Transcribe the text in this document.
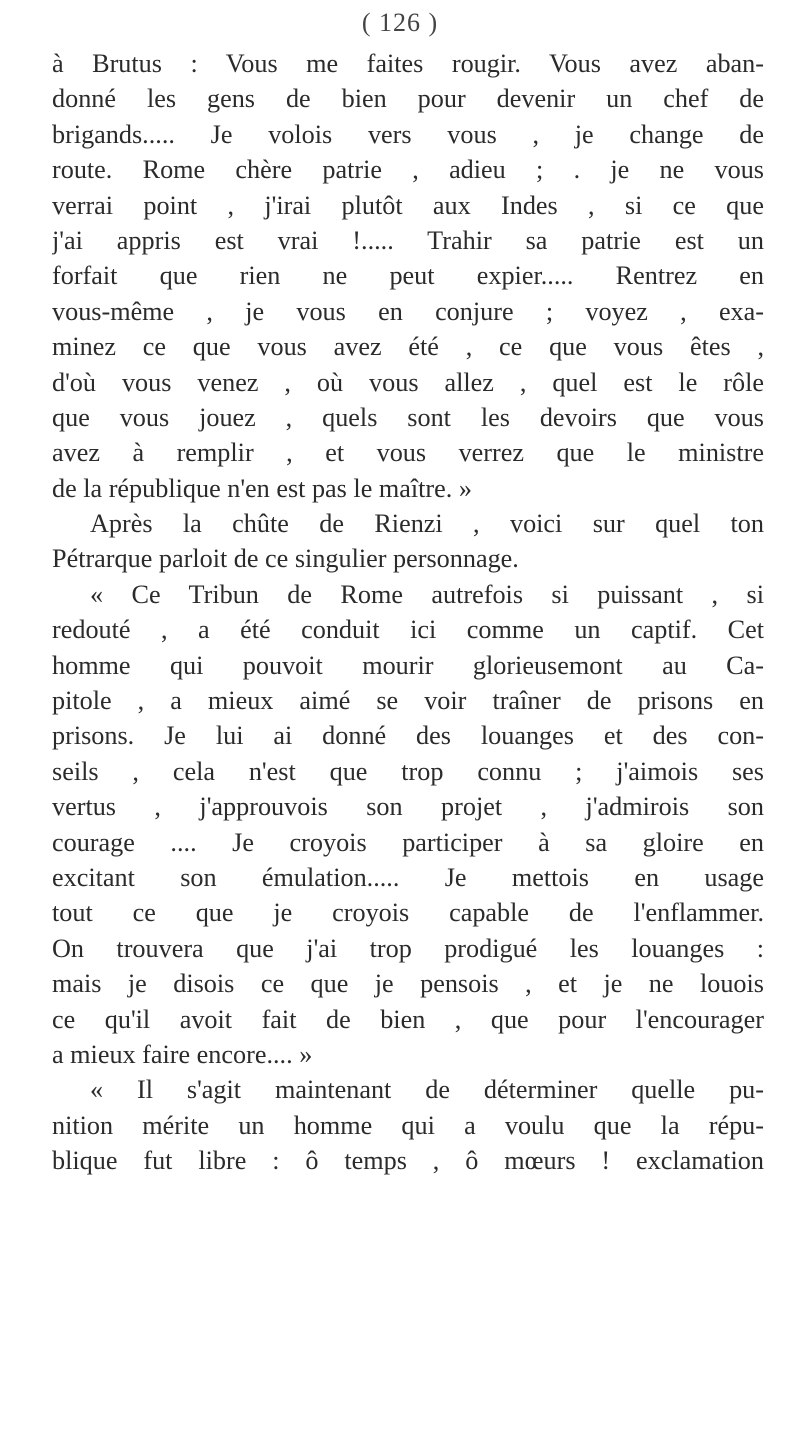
( 126 )
à Brutus : Vous me faites rougir. Vous avez aban-
donné les gens de bien pour devenir un chef de
brigands..... Je volois vers vous , je change de
route. Rome chère patrie , adieu ; . je ne vous
verrai point , j'irai plutôt aux Indes , si ce que
j'ai appris est vrai !..... Trahir sa patrie est un
forfait que rien ne peut expier..... Rentrez en
vous-même , je vous en conjure ; voyez , exa-
minez ce que vous avez été , ce que vous êtes ,
d'où vous venez , où vous allez , quel est le rôle
que vous jouez , quels sont les devoirs que vous
avez à remplir , et vous verrez que le ministre
de la république n'en est pas le maître. »
Après la chûte de Rienzi , voici sur quel ton
Pétrarque parloit de ce singulier personnage.
« Ce Tribun de Rome autrefois si puissant , si
redouté , a été conduit ici comme un captif. Cet
homme qui pouvoit mourir glorieusemont au Ca-
pitole , a mieux aimé se voir traîner de prisons en
prisons. Je lui ai donné des louanges et des con-
seils , cela n'est que trop connu ; j'aimois ses
vertus , j'approuvois son projet , j'admirois son
courage .... Je croyois participer à sa gloire en
excitant son émulation..... Je mettois en usage
tout ce que je croyois capable de l'enflammer.
On trouvera que j'ai trop prodigué les louanges :
mais je disois ce que je pensois , et je ne louois
ce qu'il avoit fait de bien , que pour l'encourager
a mieux faire encore.... »
« Il s'agit maintenant de déterminer quelle pu-
nition mérite un homme qui a voulu que la répu-
blique fut libre : ô temps , ô mœurs ! exclamation
